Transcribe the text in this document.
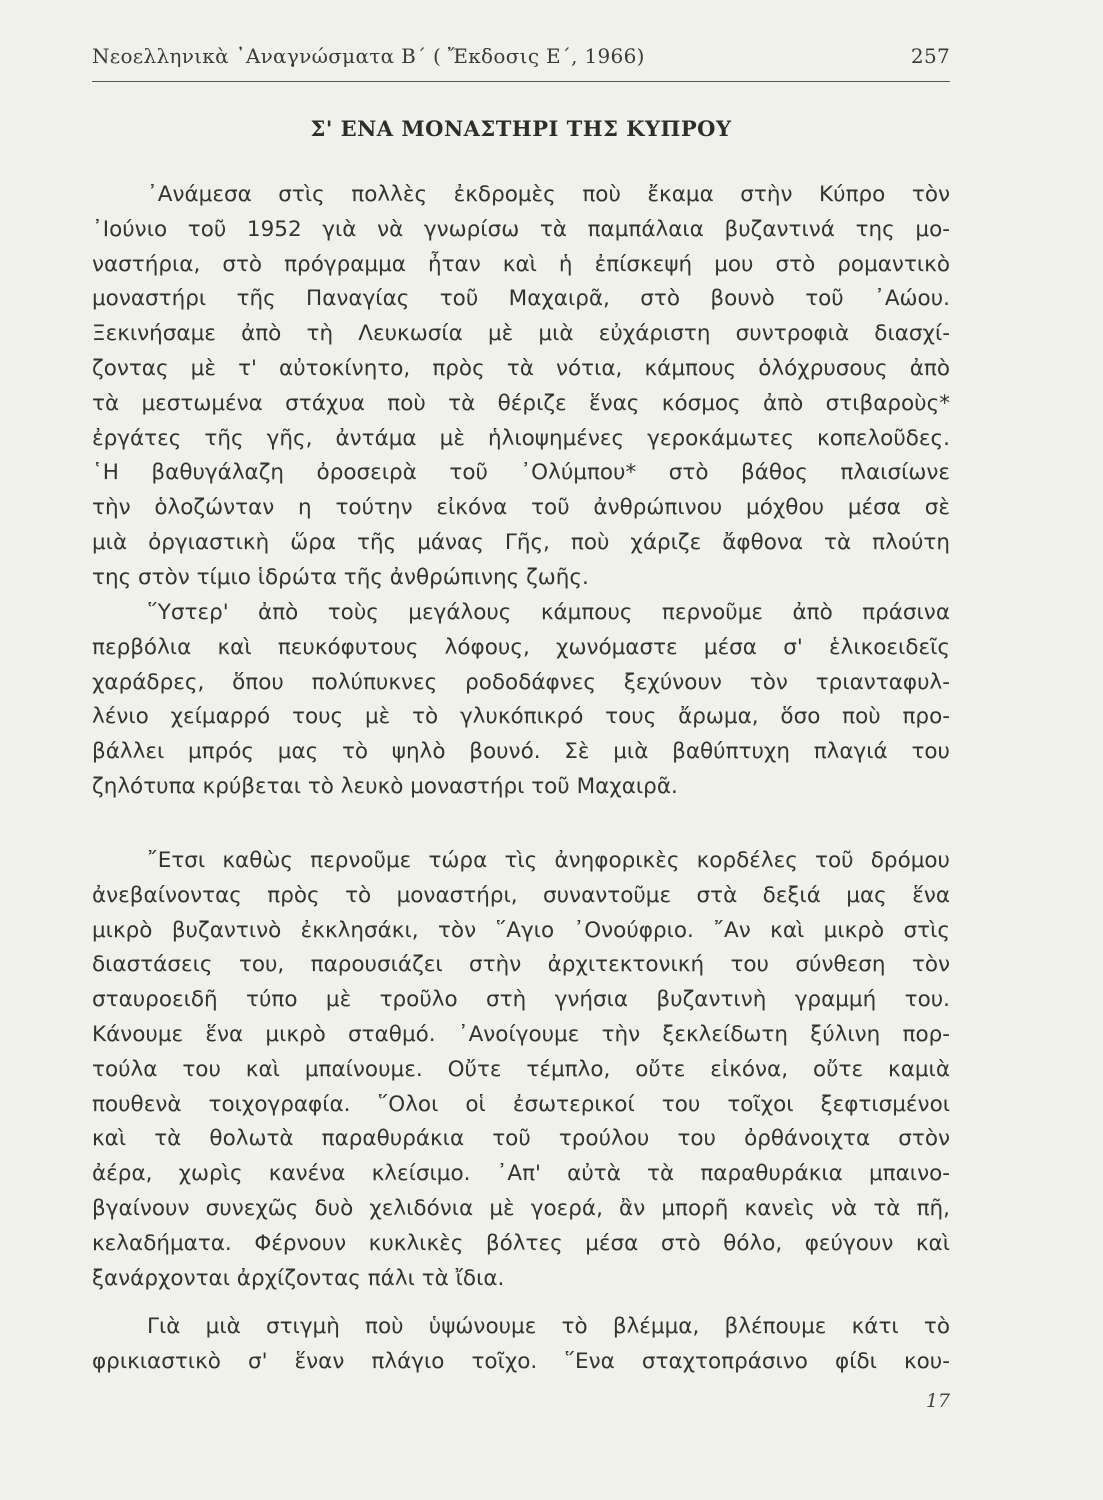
Νεοελληνικὰ ᾿Αναγνώσματα Β΄ ( Ἔκδοσις Ε΄, 1966)	257
Σ' ΕΝΑ ΜΟΝΑΣΤΗΡΙ ΤΗΣ ΚΥΠΡΟΥ
᾿Ανάμεσα στὶς πολλὲς ἐκδρομὲς ποὺ ἔκαμα στὴν Κύπρο τὸν
᾿Ιούνιο τοῦ 1952 γιὰ νὰ γνωρίσω τὰ παμπάλαια βυζαντινά της μο-
ναστήρια, στὸ πρόγραμμα ἦταν καὶ ἡ ἐπίσκεψή μου στὸ ρομαντικὸ
μοναστήρι τῆς Παναγίας τοῦ Μαχαιρᾶ, στὸ βουνὸ τοῦ ᾿Αώου.
Ξεκινήσαμε ἀπὸ τὴ Λευκωσία μὲ μιὰ εὐχάριστη συντροφιὰ διασχί-
ζοντας μὲ τ' αὐτοκίνητο, πρὸς τὰ νότια, κάμπους ὁλόχρυσους ἀπὸ
τὰ μεστωμένα στάχυα ποὺ τὰ θέριζε ἕνας κόσμος ἀπὸ στιβαροὺς*
ἐργάτες τῆς γῆς, ἀντάμα μὲ ἡλιοψημένες γεροκάμωτες κοπελοῦδες.
῾Η βαθυγάλαζη ὀροσειρὰ τοῦ ᾿Ολύμπου* στὸ βάθος πλαισίωνε
τὴν ὁλοζώνταν η τούτην εἰκόνα τοῦ ἀνθρώπινου μόχθου μέσα σὲ
μιὰ ὀργιαστικὴ ὥρα τῆς μάνας Γῆς, ποὺ χάριζε ἄφθονα τὰ πλούτη
της στὸν τίμιο ἱδρώτα τῆς ἀνθρώπινης ζωῆς.
῞Υστερ' ἀπὸ τοὺς μεγάλους κάμπους περνοῦμε ἀπὸ πράσινα
περβόλια καὶ πευκόφυτους λόφους, χωνόμαστε μέσα σ' ἑλικοειδεῖς
χαράδρες, ὅπου πολύπυκνες ροδοδάφνες ξεχύνουν τὸν τριανταφυλ-
λένιο χείμαρρό τους μὲ τὸ γλυκόπικρό τους ἄρωμα, ὅσο ποὺ προ-
βάλλει μπρός μας τὸ ψηλὸ βουνό. Σὲ μιὰ βαθύπτυχη πλαγιά του
ζηλότυπα κρύβεται τὸ λευκὸ μοναστήρι τοῦ Μαχαιρᾶ.
῎Ετσι καθὼς περνοῦμε τώρα τὶς ἀνηφορικὲς κορδέλες τοῦ δρόμου
ἀνεβαίνοντας πρὸς τὸ μοναστήρι, συναντοῦμε στὰ δεξιά μας ἕνα
μικρὸ βυζαντινὸ ἐκκλησάκι, τὸν ῞Αγιο ᾿Ονούφριο. ῎Αν καὶ μικρὸ στὶς
διαστάσεις του, παρουσιάζει στὴν ἀρχιτεκτονική του σύνθεση τὸν
σταυροειδῆ τύπο μὲ τροῦλο στὴ γνήσια βυζαντινὴ γραμμή του.
Κάνουμε ἕνα μικρὸ σταθμό. ᾿Ανοίγουμε τὴν ξεκλείδωτη ξύλινη πορ-
τούλα του καὶ μπαίνουμε. Οὔτε τέμπλο, οὔτε εἰκόνα, οὔτε καμιὰ
πουθενὰ τοιχογραφία. ῞Ολοι οἱ ἐσωτερικοί του τοῖχοι ξεφτισμένοι
καὶ τὰ θολωτὰ παραθυράκια τοῦ τρούλου του ὀρθάνοιχτα στὸν
ἀέρα, χωρὶς κανένα κλείσιμο. ᾿Απ' αὐτὰ τὰ παραθυράκια μπαινο-
βγαίνουν συνεχῶς δυὸ χελιδόνια μὲ γοερά, ἂν μπορῆ κανεὶς νὰ τὰ πῆ,
κελαδήματα. Φέρνουν κυκλικὲς βόλτες μέσα στὸ θόλο, φεύγουν καὶ
ξανάρχονται ἀρχίζοντας πάλι τὰ ἴδια.
Γιὰ μιὰ στιγμὴ ποὺ ὑψώνουμε τὸ βλέμμα, βλέπουμε κάτι τὸ
φρικιαστικὸ σ' ἕναν πλάγιο τοῖχο. ῞Ενα σταχτοπράσινο φίδι κου-
17
